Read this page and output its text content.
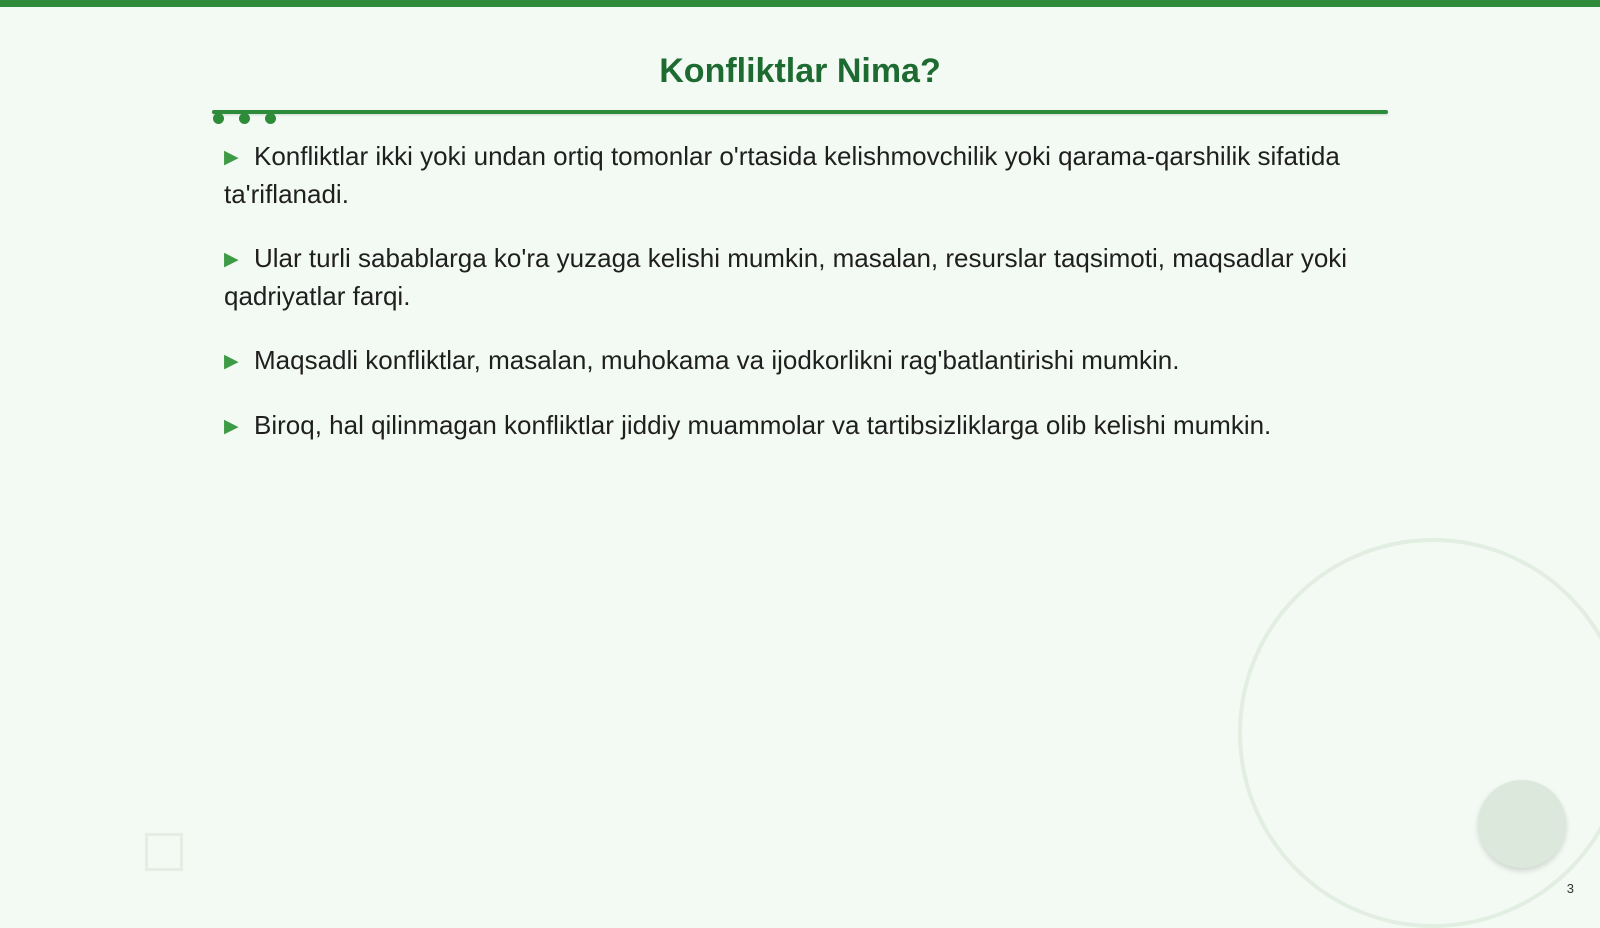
Konfliktlar Nima?
▶ Konfliktlar ikki yoki undan ortiq tomonlar o'rtasida kelishmovchilik yoki qarama-qarshilik sifatida ta'riflanadi.
▶ Ular turli sabablarga ko'ra yuzaga kelishi mumkin, masalan, resurslar taqsimoti, maqsadlar yoki qadriyatlar farqi.
▶ Maqsadli konfliktlar, masalan, muhokama va ijodkorlikni rag'batlantirishi mumkin.
▶ Biroq, hal qilinmagan konfliktlar jiddiy muammolar va tartibsizliklarga olib kelishi mumkin.
3
